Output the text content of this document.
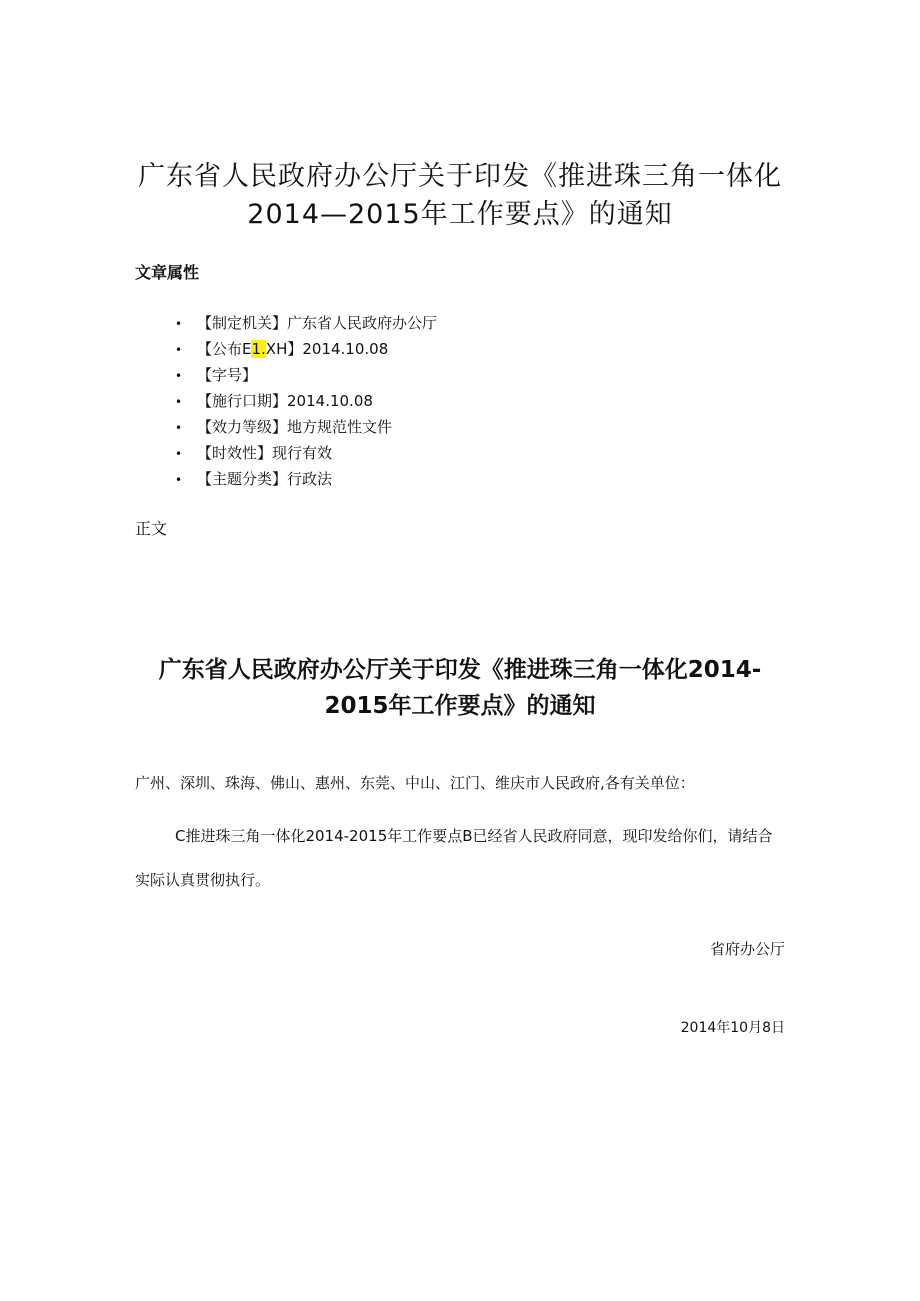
广东省人民政府办公厅关于印发《推进珠三角一体化
2014—2015年工作要点》的通知

文章属性

• 【制定机关】广东省人民政府办公厅
• 【公布E1.XH】2014.10.08
• 【字号】
• 【施行口期】2014.10.08
• 【效力等级】地方规范性文件
• 【时效性】现行有效
• 【主题分类】行政法

正文

广东省人民政府办公厅关于印发《推进珠三角一体化2014-
2015年工作要点》的通知

广州、深圳、珠海、佛山、惠州、东莞、中山、江门、维庆市人民政府,各有关单位：

C推进珠三角一体化2014-2015年工作要点B已经省人民政府同意，现印发给你们，请结合实际认真贯彻执行。

省府办公厅

2014年10月8日
